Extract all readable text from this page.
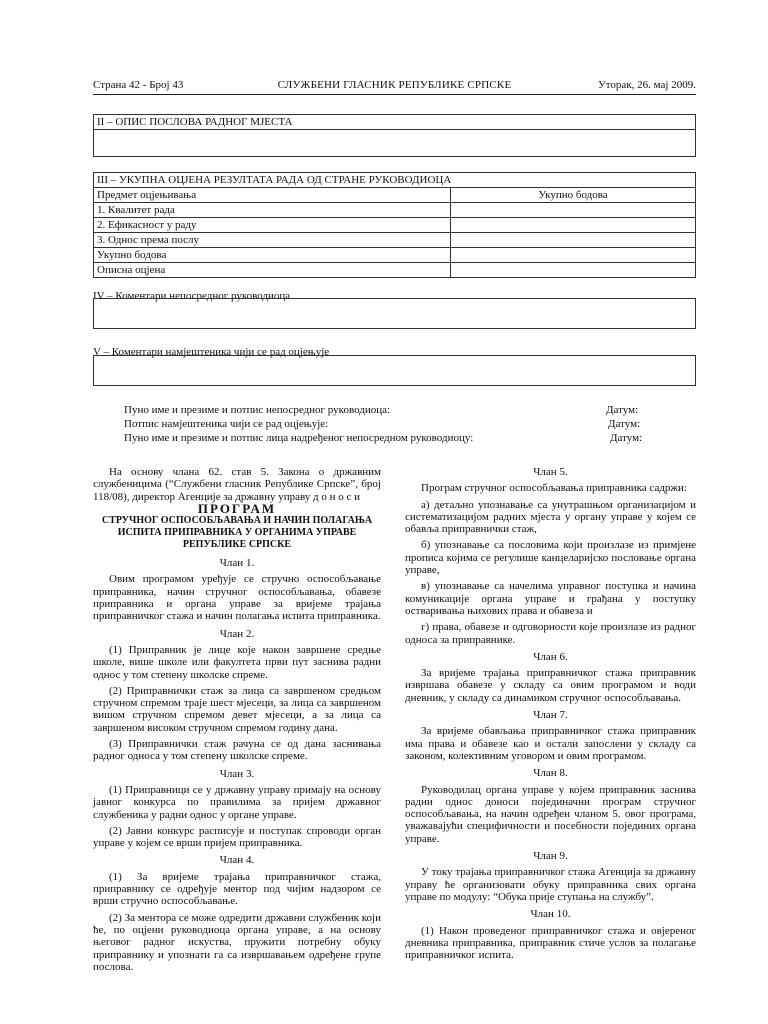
Страна 42 - Број 43	СЛУЖБЕНИ ГЛАСНИК РЕПУБЛИКЕ СРПСКЕ	Уторак, 26. мај 2009.
II – ОПИС ПОСЛОВА РАДНОГ МЈЕСТА
III – УКУПНА ОЦЈЕНА РЕЗУЛТАТА РАДА ОД СТРАНЕ РУКОВОДИОЦА	
Предмет оцјењивања	Укупно бодова
1. Квалитет рада	
2. Ефикасност у раду	
3. Однос према послу	
Укупно бодова	
Описна оцјена	
IV – Коментари непосредног руководиоца
V – Коментари намјештеника чији се рад оцјењује
Пуно име и презиме и потпис непосредног руководиоца:	Датум:
Потпис намјештеника чији се рад оцјењује:	Датум:
Пуно име и презиме и потпис лица надређеног непосредном руководиоцу:	Датум:

На основу члана 62. став 5. Закона о државним службеницима (“Службени гласник Републике Српске”, број 118/08), директор Агенције за државну управу д о н о с и

ПРОГРАМ

СТРУЧНОГ ОСПОСОБЉАВАЊА И НАЧИН ПОЛАГАЊА ИСПИТА ПРИПРАВНИКА У ОРГАНИМА УПРАВЕ РЕПУБЛИКЕ СРПСКЕ

Члан 1.

Овим програмом уређује се стручно оспособљавање приправника, начин стручног оспособљавања, обавезе приправника и органа управе за вријеме трајања приправничког стажа и начин полагања испита приправника.

Члан 2.

(1) Приправник је лице које након завршене средње школе, више школе или факултета први пут заснива радни однос у том степену школске спреме.

(2) Приправнички стаж за лица са завршеном средњом стручном спремом траје шест мјесеци, за лица са завршеном вишом стручном спремом девет мјесеци, а за лица са завршеном високом стручном спремом годину дана.

(3) Приправнички стаж рачуна се од дана заснивања радног односа у том степену школске спреме.

Члан 3.

(1) Приправници се у државну управу примају на основу јавног конкурса по правилима за пријем државног службеника у радни однос у органе управе.

(2) Јавни конкурс расписује и поступак спроводи орган управе у којем се врши пријем приправника.

Члан 4.

(1) За вријеме трајања приправничког стажа, приправнику се одређује ментор под чијим надзором се врши стручно оспособљавање.

(2) За ментора се може одредити државни службеник који ће, по оцјени руководиоца органа управе, а на основу његовог радног искуства, пружити потребну обуку приправнику и упознати га са извршавањем одређене групе послова.

Члан 5.

Програм стручног оспособљавања приправника садржи:

а) детаљно упознавање са унутрашњом организацијом и систематизацијом радних мјеста у органу управе у којем се обавља приправнички стаж,

б) упознавање са пословима који произлазе из примјене прописа којима се регулише канцеларијско пословање органа управе,

в) упознавање са начелима управног поступка и начина комуникације органа управе и грађана у поступку остваривања њихових права и обавеза и

г) права, обавезе и одговорности које произлазе из радног односа за приправнике.

Члан 6.

За вријеме трајања приправничког стажа приправник извршава обавезе у складу са овим програмом и води дневник, у складу са динамиком стручног оспособљавања.

Члан 7.

За вријеме обављања приправничког стажа приправник има права и обавезе као и остали запослени у складу са законом, колективним уговором и овим програмом.

Члан 8.

Руководилац органа управе у којем приправник заснива радни однос доноси појединачни програм стручног оспособљавања, на начин одређен чланом 5. овог програма, уважавајући специфичности и посебности појединих органа управе.

Члан 9.

У току трајања приправничког стажа Агенција за државну управу ће организовати обуку приправника свих органа управе по модулу: “Обука прије ступања на службу”.

Члан 10.

(1) Након проведеног приправничког стажа и овјереног дневника приправника, приправник стиче услов за полагање приправничког испита.
